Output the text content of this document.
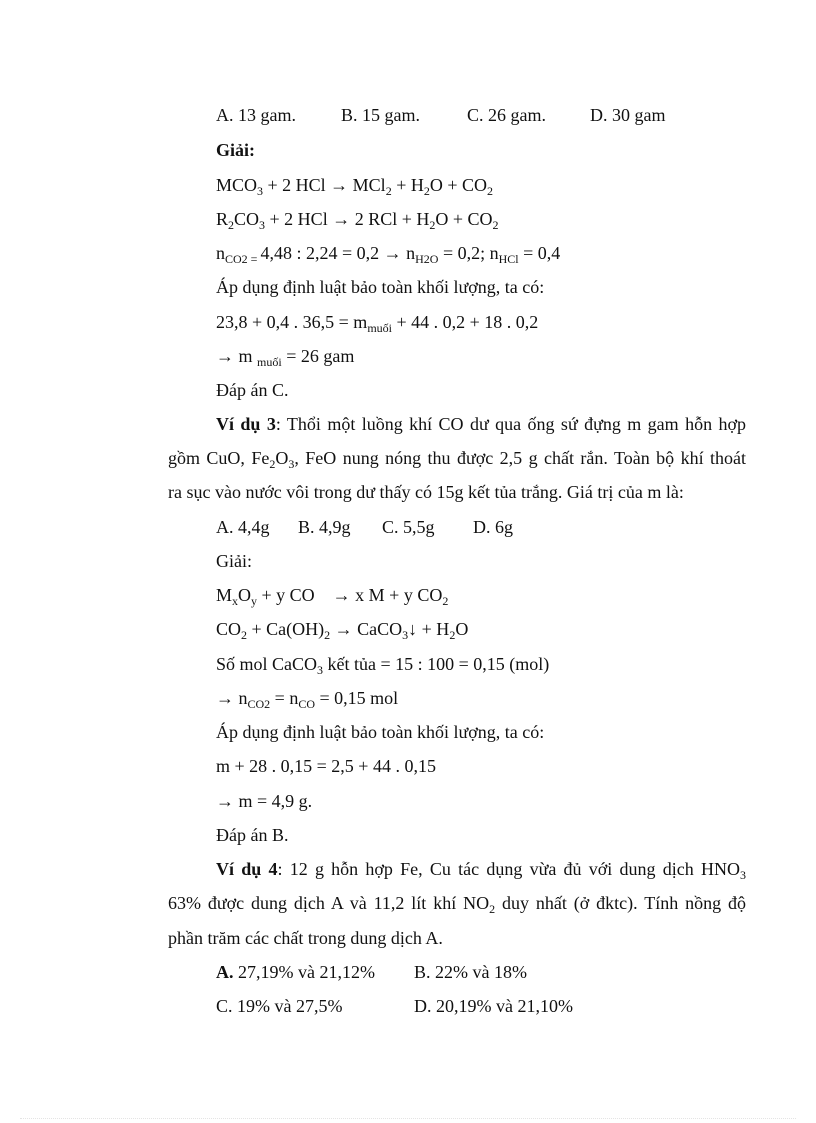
A. 13 gam.	B. 15 gam.	C. 26 gam. D. 30 gam
Giải:
$MCO_3 + 2$ HCl → $MCl_2 + H_2O + CO_2$
$R_2CO_3 + 2$ HCl → 2 RCl + $H_2O + CO_2$
$n_{CO2 =}$ 4,48 : $2,24 = 0,2 \to n_{H2O} = 0,2$; $n_{HCl} = 0,4$
Áp dụng định luật bảo toàn khối lượng, ta có:
23,8 + 0,4 . $36,5 = m_{muối} + 44$ . 0,2 + 18 . 0,2
→ m $_{muối}$ = 26 gam
Đáp án C.
Ví dụ 3: Thổi một luồng khí CO dư qua ống sứ đựng m gam hỗn hợp
gồm CuO, $Fe_2O_3$, FeO nung nóng thu được 2,5 g chất rắn. Toàn bộ khí thoát
ra sục vào nước vôi trong dư thấy có 15g kết tủa trắng. Giá trị của m là:
A. 4,4g B. 4,9g C. 5,5g D. 6g
Giải:
$M_xO_y + y$ CO    → x M + y $CO_2$
$CO_2 + Ca(OH)_2$ → CaCO$_3$↓ + $H_2O$
Số mol CaCO$_3$ kết tủa = 15 : 100 = 0,15 (mol)
→ $n_{CO2} = n_{CO} = 0,15$ mol
Áp dụng định luật bảo toàn khối lượng, ta có:
m + 28 . 0,15 = 2,5 + 44 . 0,15
→ m = 4,9 g.
Đáp án B.
Ví dụ 4: 12 g hỗn hợp Fe, Cu tác dụng vừa đủ với dung dịch $HNO_3$
63% được dung dịch A và 11,2 lít khí $NO_2$ duy nhất (ở đktc). Tính nồng độ
phần trăm các chất trong dung dịch A.
A. 27,19% và 21,12% B. 22% và 18%
C. 19% và 27,5%	D. 20,19% và 21,10%
